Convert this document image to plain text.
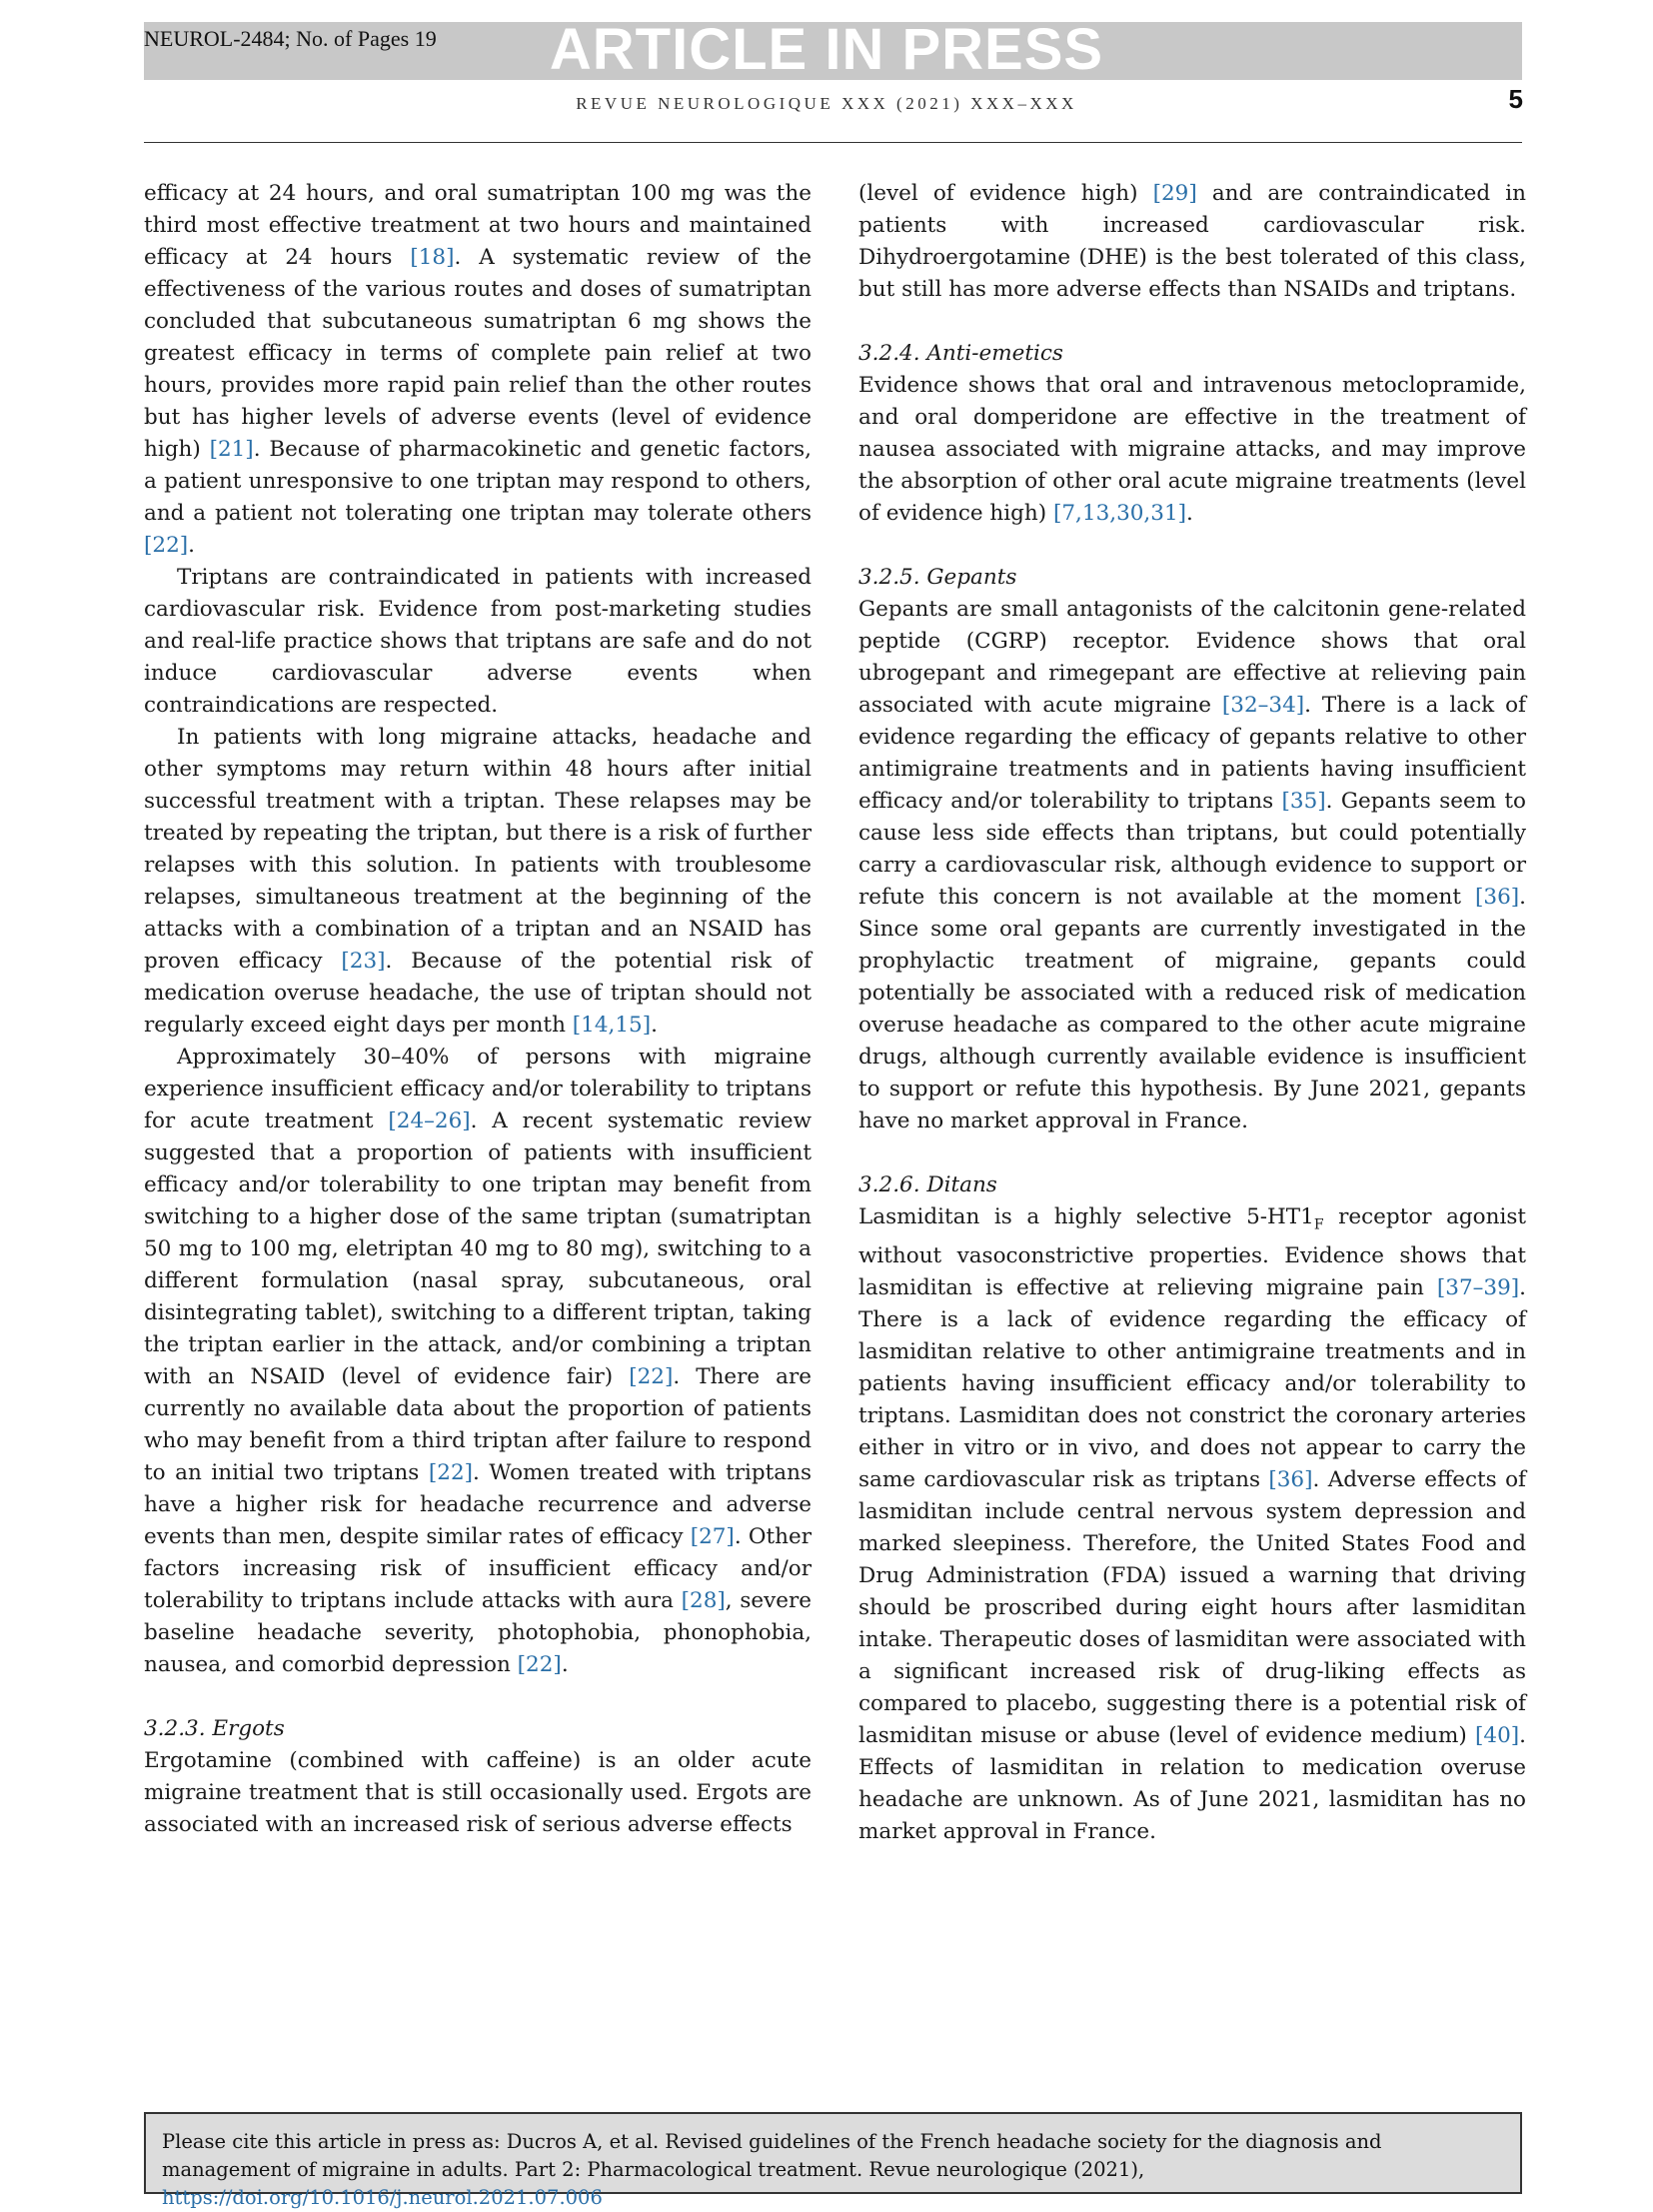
NEUROL-2484; No. of Pages 19	ARTICLE IN PRESS
REVUE NEUROLOGIQUE XXX (2021) XXX–XXX	5

efficacy at 24 hours, and oral sumatriptan 100 mg was the third most effective treatment at two hours and maintained efficacy at 24 hours [18]. A systematic review of the effectiveness of the various routes and doses of sumatriptan concluded that subcutaneous sumatriptan 6 mg shows the greatest efficacy in terms of complete pain relief at two hours, provides more rapid pain relief than the other routes but has higher levels of adverse events (level of evidence high) [21]. Because of pharmacokinetic and genetic factors, a patient unresponsive to one triptan may respond to others, and a patient not tolerating one triptan may tolerate others [22].

Triptans are contraindicated in patients with increased cardiovascular risk. Evidence from post-marketing studies and real-life practice shows that triptans are safe and do not induce cardiovascular adverse events when contraindications are respected.

In patients with long migraine attacks, headache and other symptoms may return within 48 hours after initial successful treatment with a triptan. These relapses may be treated by repeating the triptan, but there is a risk of further relapses with this solution. In patients with troublesome relapses, simultaneous treatment at the beginning of the attacks with a combination of a triptan and an NSAID has proven efficacy [23]. Because of the potential risk of medication overuse headache, the use of triptan should not regularly exceed eight days per month [14,15].

Approximately 30–40% of persons with migraine experience insufficient efficacy and/or tolerability to triptans for acute treatment [24–26]. A recent systematic review suggested that a proportion of patients with insufficient efficacy and/or tolerability to one triptan may benefit from switching to a higher dose of the same triptan (sumatriptan 50 mg to 100 mg, eletriptan 40 mg to 80 mg), switching to a different formulation (nasal spray, subcutaneous, oral disintegrating tablet), switching to a different triptan, taking the triptan earlier in the attack, and/or combining a triptan with an NSAID (level of evidence fair) [22]. There are currently no available data about the proportion of patients who may benefit from a third triptan after failure to respond to an initial two triptans [22]. Women treated with triptans have a higher risk for headache recurrence and adverse events than men, despite similar rates of efficacy [27]. Other factors increasing risk of insufficient efficacy and/or tolerability to triptans include attacks with aura [28], severe baseline headache severity, photophobia, phonophobia, nausea, and comorbid depression [22].

3.2.3. Ergots

Ergotamine (combined with caffeine) is an older acute migraine treatment that is still occasionally used. Ergots are associated with an increased risk of serious adverse effects

(level of evidence high) [29] and are contraindicated in patients with increased cardiovascular risk. Dihydroergotamine (DHE) is the best tolerated of this class, but still has more adverse effects than NSAIDs and triptans.

3.2.4. Anti-emetics

Evidence shows that oral and intravenous metoclopramide, and oral domperidone are effective in the treatment of nausea associated with migraine attacks, and may improve the absorption of other oral acute migraine treatments (level of evidence high) [7,13,30,31].

3.2.5. Gepants

Gepants are small antagonists of the calcitonin gene-related peptide (CGRP) receptor. Evidence shows that oral ubrogepant and rimegepant are effective at relieving pain associated with acute migraine [32–34]. There is a lack of evidence regarding the efficacy of gepants relative to other antimigraine treatments and in patients having insufficient efficacy and/or tolerability to triptans [35]. Gepants seem to cause less side effects than triptans, but could potentially carry a cardiovascular risk, although evidence to support or refute this concern is not available at the moment [36]. Since some oral gepants are currently investigated in the prophylactic treatment of migraine, gepants could potentially be associated with a reduced risk of medication overuse headache as compared to the other acute migraine drugs, although currently available evidence is insufficient to support or refute this hypothesis. By June 2021, gepants have no market approval in France.

3.2.6. Ditans

Lasmiditan is a highly selective $5-HT1_F$ receptor agonist without vasoconstrictive properties. Evidence shows that lasmiditan is effective at relieving migraine pain [37–39]. There is a lack of evidence regarding the efficacy of lasmiditan relative to other antimigraine treatments and in patients having insufficient efficacy and/or tolerability to triptans. Lasmiditan does not constrict the coronary arteries either in vitro or in vivo, and does not appear to carry the same cardiovascular risk as triptans [36]. Adverse effects of lasmiditan include central nervous system depression and marked sleepiness. Therefore, the United States Food and Drug Administration (FDA) issued a warning that driving should be proscribed during eight hours after lasmiditan intake. Therapeutic doses of lasmiditan were associated with a significant increased risk of drug-liking effects as compared to placebo, suggesting there is a potential risk of lasmiditan misuse or abuse (level of evidence medium) [40]. Effects of lasmiditan in relation to medication overuse headache are unknown. As of June 2021, lasmiditan has no market approval in France.

Please cite this article in press as: Ducros A, et al. Revised guidelines of the French headache society for the diagnosis and management of migraine in adults. Part 2: Pharmacological treatment. Revue neurologique (2021), https://doi.org/10.1016/j.neurol.2021.07.006
